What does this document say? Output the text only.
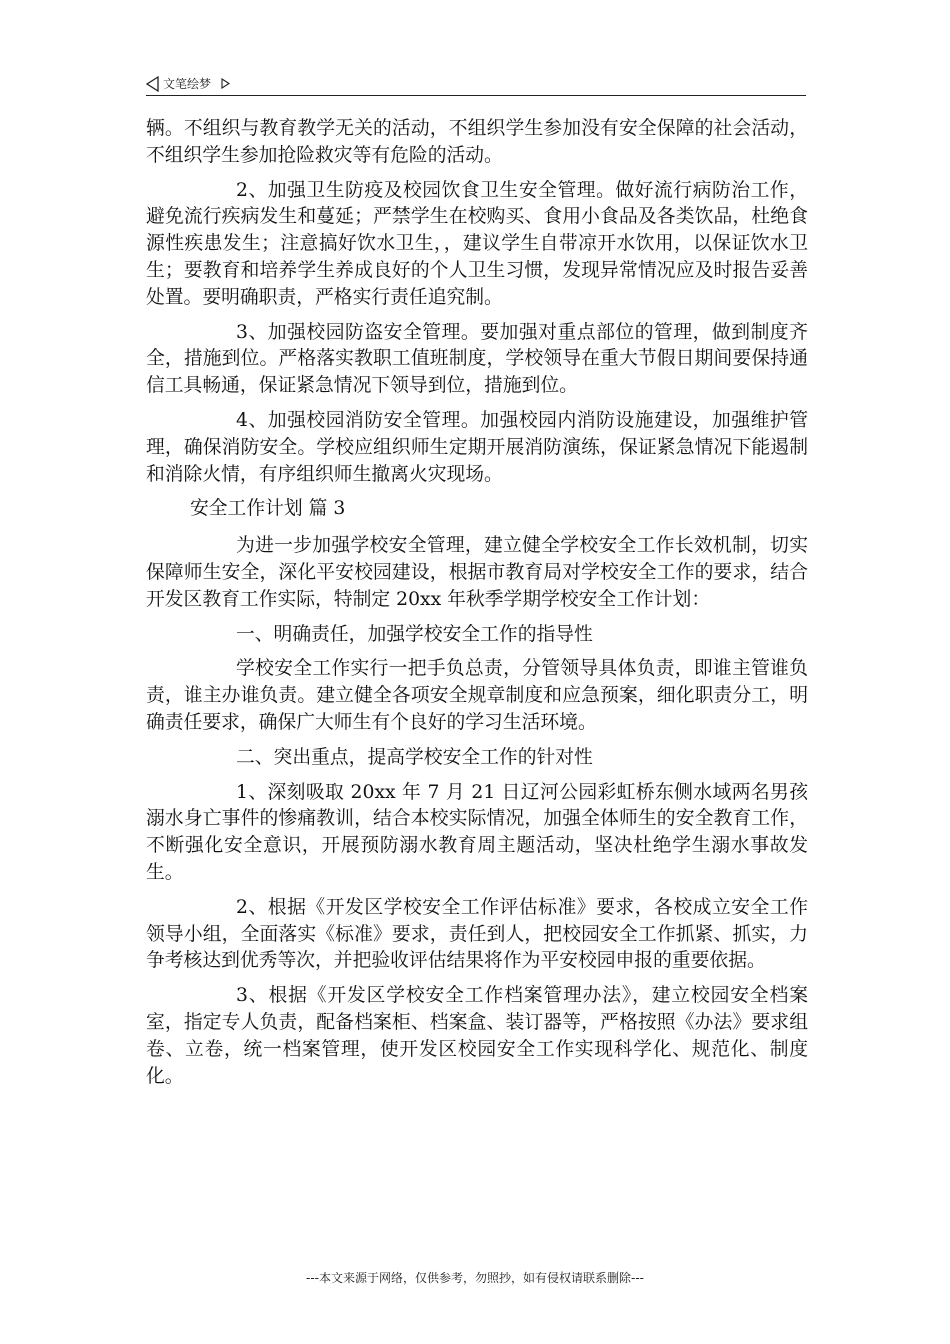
文笔绘梦

辆。不组织与教育教学无关的活动，不组织学生参加没有安全保障的社会活动，不组织学生参加抢险救灾等有危险的活动。

2、加强卫生防疫及校园饮食卫生安全管理。做好流行病防治工作，避免流行疾病发生和蔓延；严禁学生在校购买、食用小食品及各类饮品，杜绝食源性疾患发生；注意搞好饮水卫生，，建议学生自带凉开水饮用，以保证饮水卫生；要教育和培养学生养成良好的个人卫生习惯，发现异常情况应及时报告妥善处置。要明确职责，严格实行责任追究制。

3、加强校园防盗安全管理。要加强对重点部位的管理，做到制度齐全，措施到位。严格落实教职工值班制度，学校领导在重大节假日期间要保持通信工具畅通，保证紧急情况下领导到位，措施到位。

4、加强校园消防安全管理。加强校园内消防设施建设，加强维护管理，确保消防安全。学校应组织师生定期开展消防演练，保证紧急情况下能遏制和消除火情，有序组织师生撤离火灾现场。

安全工作计划 篇 3

为进一步加强学校安全管理，建立健全学校安全工作长效机制，切实保障师生安全，深化平安校园建设，根据市教育局对学校安全工作的要求，结合开发区教育工作实际，特制定 20xx 年秋季学期学校安全工作计划：

一、明确责任，加强学校安全工作的指导性

学校安全工作实行一把手负总责，分管领导具体负责，即谁主管谁负责，谁主办谁负责。建立健全各项安全规章制度和应急预案，细化职责分工，明确责任要求，确保广大师生有个良好的学习生活环境。

二、突出重点，提高学校安全工作的针对性

1、深刻吸取 20xx 年 7 月 21 日辽河公园彩虹桥东侧水域两名男孩溺水身亡事件的惨痛教训，结合本校实际情况，加强全体师生的安全教育工作，不断强化安全意识，开展预防溺水教育周主题活动，坚决杜绝学生溺水事故发生。

2、根据《开发区学校安全工作评估标准》要求，各校成立安全工作领导小组，全面落实《标准》要求，责任到人，把校园安全工作抓紧、抓实，力争考核达到优秀等次，并把验收评估结果将作为平安校园申报的重要依据。

3、根据《开发区学校安全工作档案管理办法》，建立校园安全档案室，指定专人负责，配备档案柜、档案盒、装订器等，严格按照《办法》要求组卷、立卷，统一档案管理，使开发区校园安全工作实现科学化、规范化、制度化。

---本文来源于网络，仅供参考，勿照抄，如有侵权请联系删除---
